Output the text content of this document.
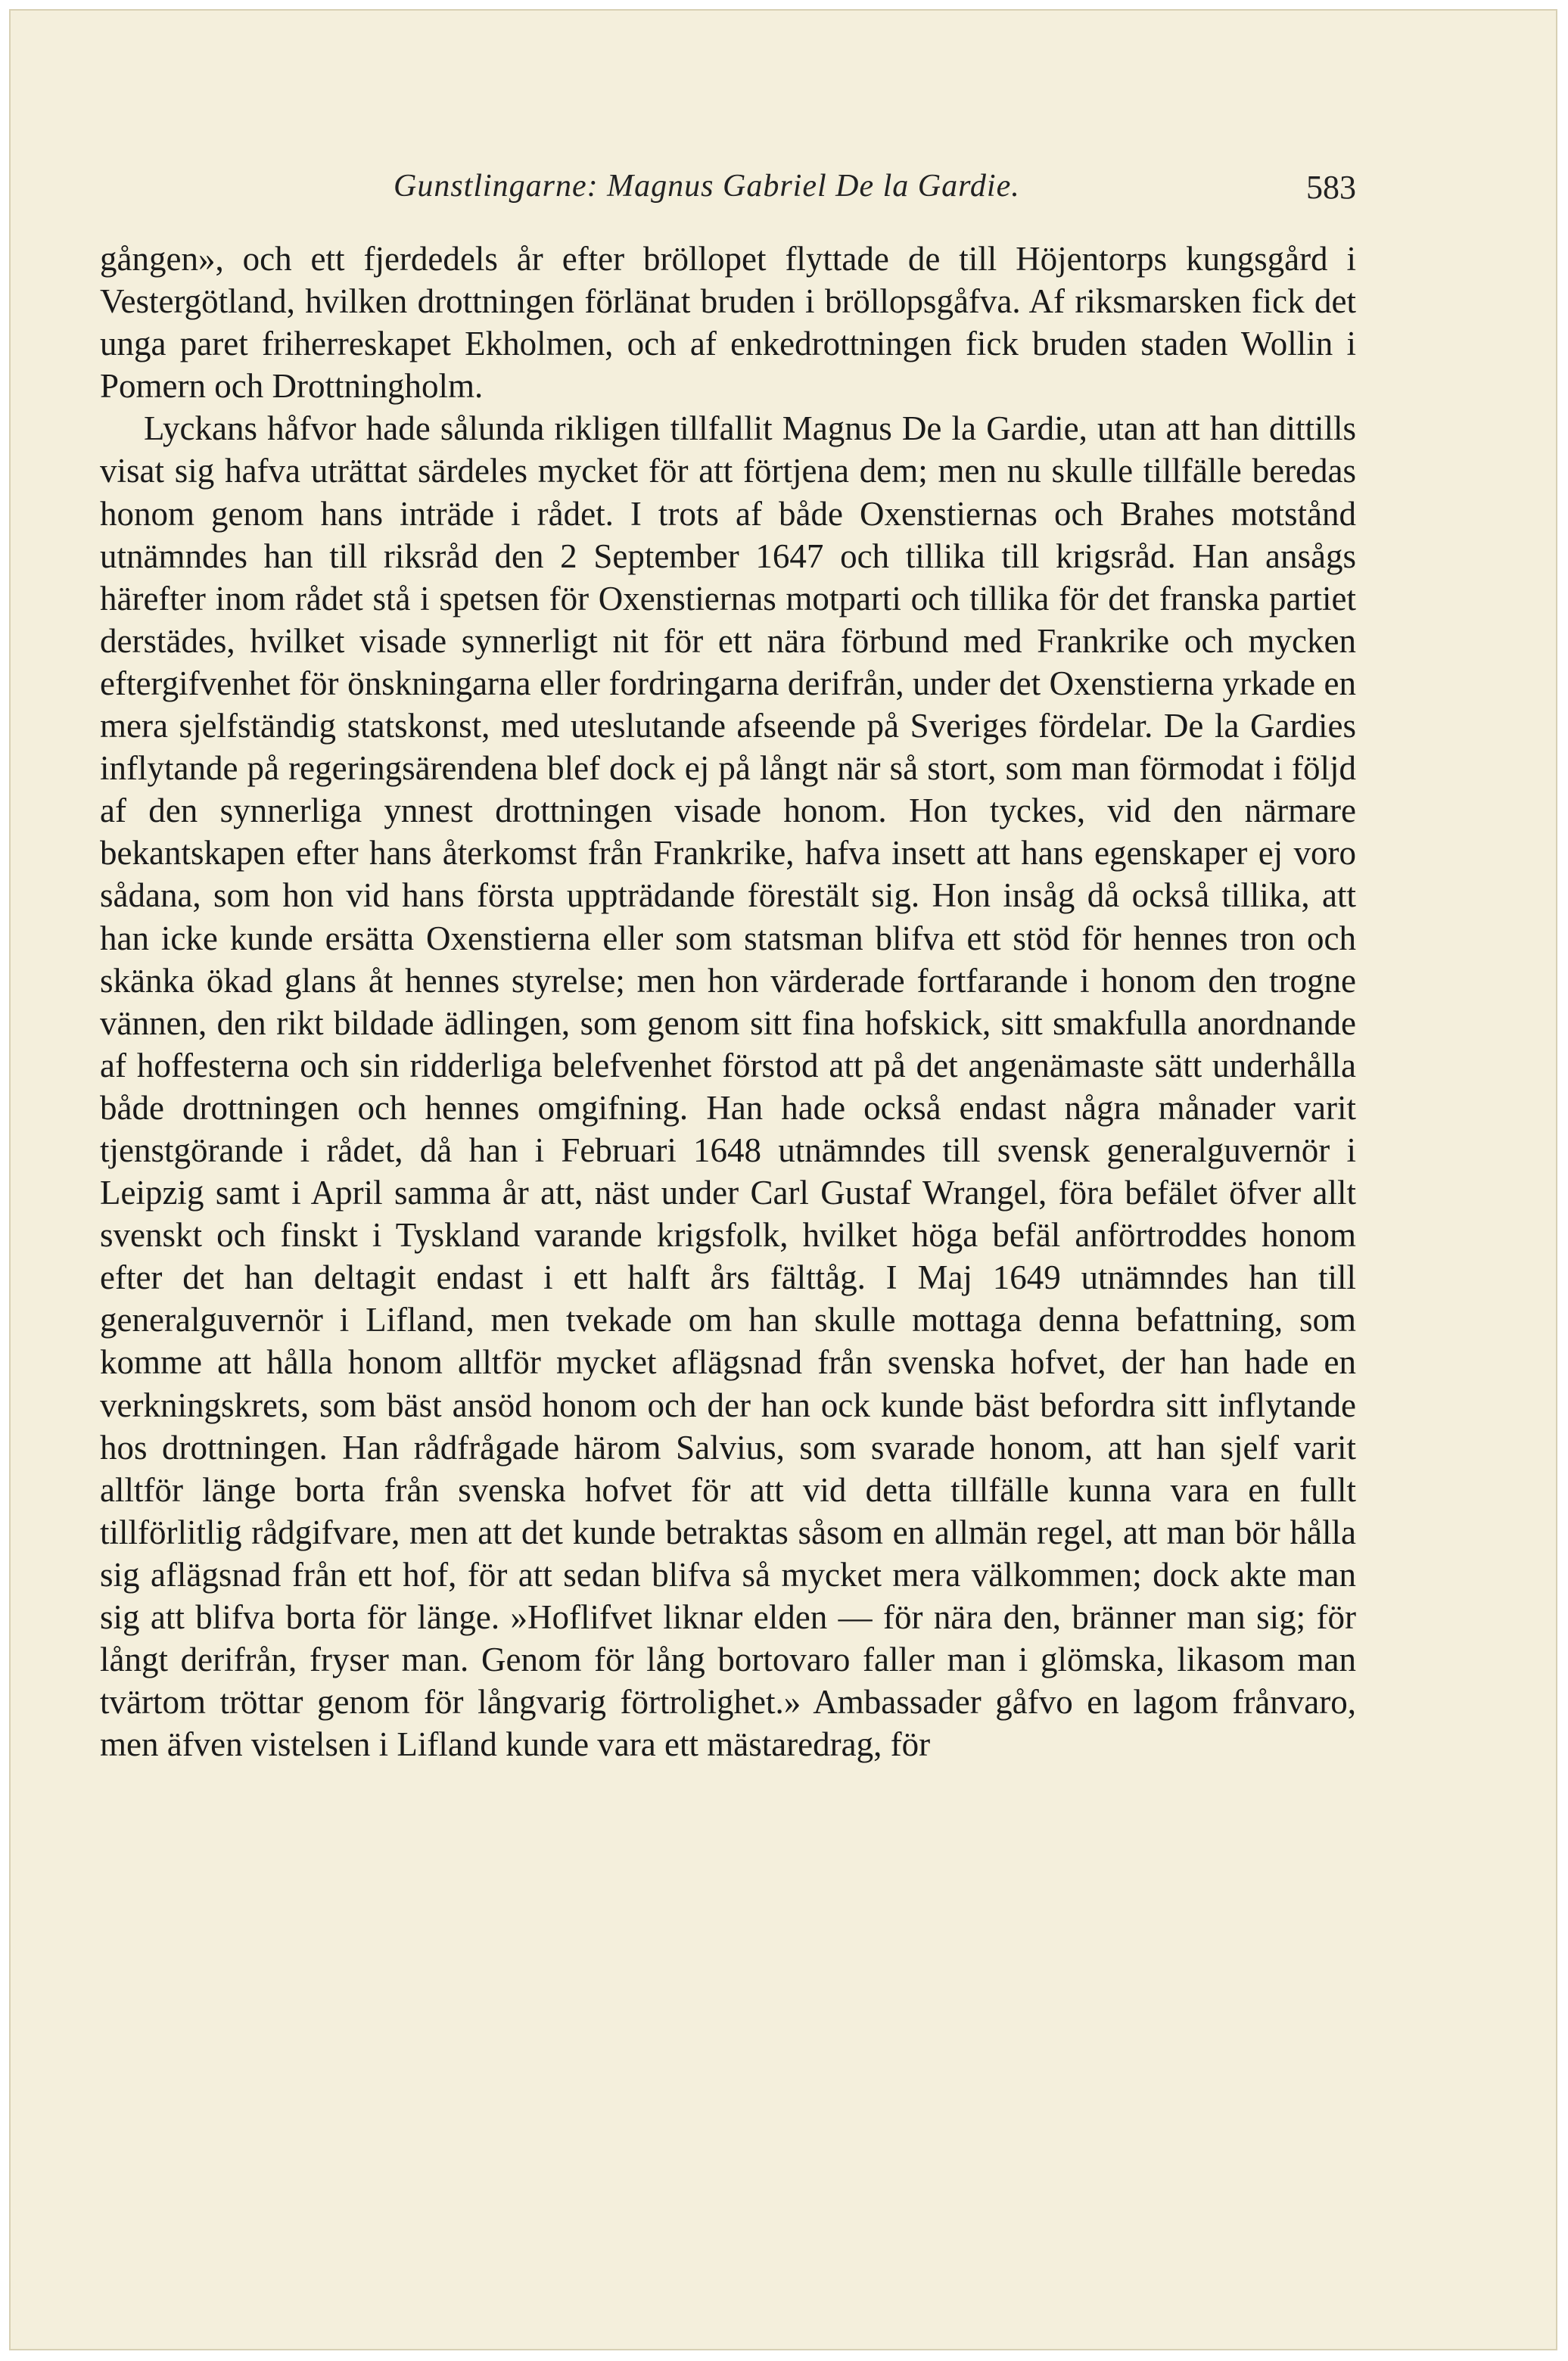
Gunstlingarne: Magnus Gabriel De la Gardie.	583

gången», och ett fjerdedels år efter bröllopet flyttade de till Höjentorps kungsgård i Vestergötland, hvilken drottningen förlänat bruden i bröllopsgåfva. Af riksmarsken fick det unga paret friherreskapet Ekholmen, och af enkedrottningen fick bruden staden Wollin i Pomern och Drottningholm.

Lyckans håfvor hade sålunda rikligen tillfallit Magnus De la Gardie, utan att han dittills visat sig hafva uträttat särdeles mycket för att förtjena dem; men nu skulle tillfälle beredas honom genom hans inträde i rådet. I trots af både Oxenstiernas och Brahes motstånd utnämndes han till riksråd den 2 September 1647 och tillika till krigsråd. Han ansågs härefter inom rådet stå i spetsen för Oxenstiernas motparti och tillika för det franska partiet derstädes, hvilket visade synnerligt nit för ett nära förbund med Frankrike och mycken eftergifvenhet för önskningarna eller fordringarna derifrån, under det Oxenstierna yrkade en mera sjelfständig statskonst, med uteslutande afseende på Sveriges fördelar. De la Gardies inflytande på regeringsärendena blef dock ej på långt när så stort, som man förmodat i följd af den synnerliga ynnest drottningen visade honom. Hon tyckes, vid den närmare bekantskapen efter hans återkomst från Frankrike, hafva insett att hans egenskaper ej voro sådana, som hon vid hans första uppträdande förestält sig. Hon insåg då också tillika, att han icke kunde ersätta Oxenstierna eller som statsman blifva ett stöd för hennes tron och skänka ökad glans åt hennes styrelse; men hon värderade fortfarande i honom den trogne vännen, den rikt bildade ädlingen, som genom sitt fina hofskick, sitt smakfulla anordnande af hoffesterna och sin ridderliga belefvenhet förstod att på det angenämaste sätt underhålla både drottningen och hennes omgifning. Han hade också endast några månader varit tjenstgörande i rådet, då han i Februari 1648 utnämndes till svensk generalguvernör i Leipzig samt i April samma år att, näst under Carl Gustaf Wrangel, föra befälet öfver allt svenskt och finskt i Tyskland varande krigsfolk, hvilket höga befäl anförtroddes honom efter det han deltagit endast i ett halft års fälttåg. I Maj 1649 utnämndes han till generalguvernör i Lifland, men tvekade om han skulle mottaga denna befattning, som komme att hålla honom alltför mycket aflägsnad från svenska hofvet, der han hade en verkningskrets, som bäst ansöd honom och der han ock kunde bäst befordra sitt inflytande hos drottningen. Han rådfrågade härom Salvius, som svarade honom, att han sjelf varit alltför länge borta från svenska hofvet för att vid detta tillfälle kunna vara en fullt tillförlitlig rådgifvare, men att det kunde betraktas såsom en allmän regel, att man bör hålla sig aflägsnad från ett hof, för att sedan blifva så mycket mera välkommen; dock akte man sig att blifva borta för länge. »Hoflifvet liknar elden — för nära den, bränner man sig; för långt derifrån, fryser man. Genom för lång bortovaro faller man i glömska, likasom man tvärtom tröttar genom för långvarig förtrolighet.» Ambassader gåfvo en lagom frånvaro, men äfven vistelsen i Lifland kunde vara ett mästaredrag, för
